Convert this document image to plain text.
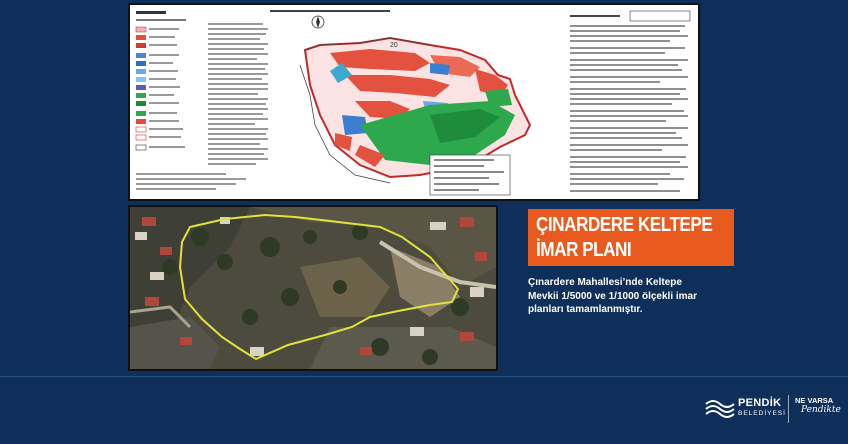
20
ÇINARDERE KELTEPE
İMAR PLANI

Çınardere Mahallesi’nde Keltepe
Mevkii 1/5000 ve 1/1000 ölçekli imar
planları tamamlanmıştır.

PENDİK
BELEDİYESİ
NE VARSA
Pendikte
